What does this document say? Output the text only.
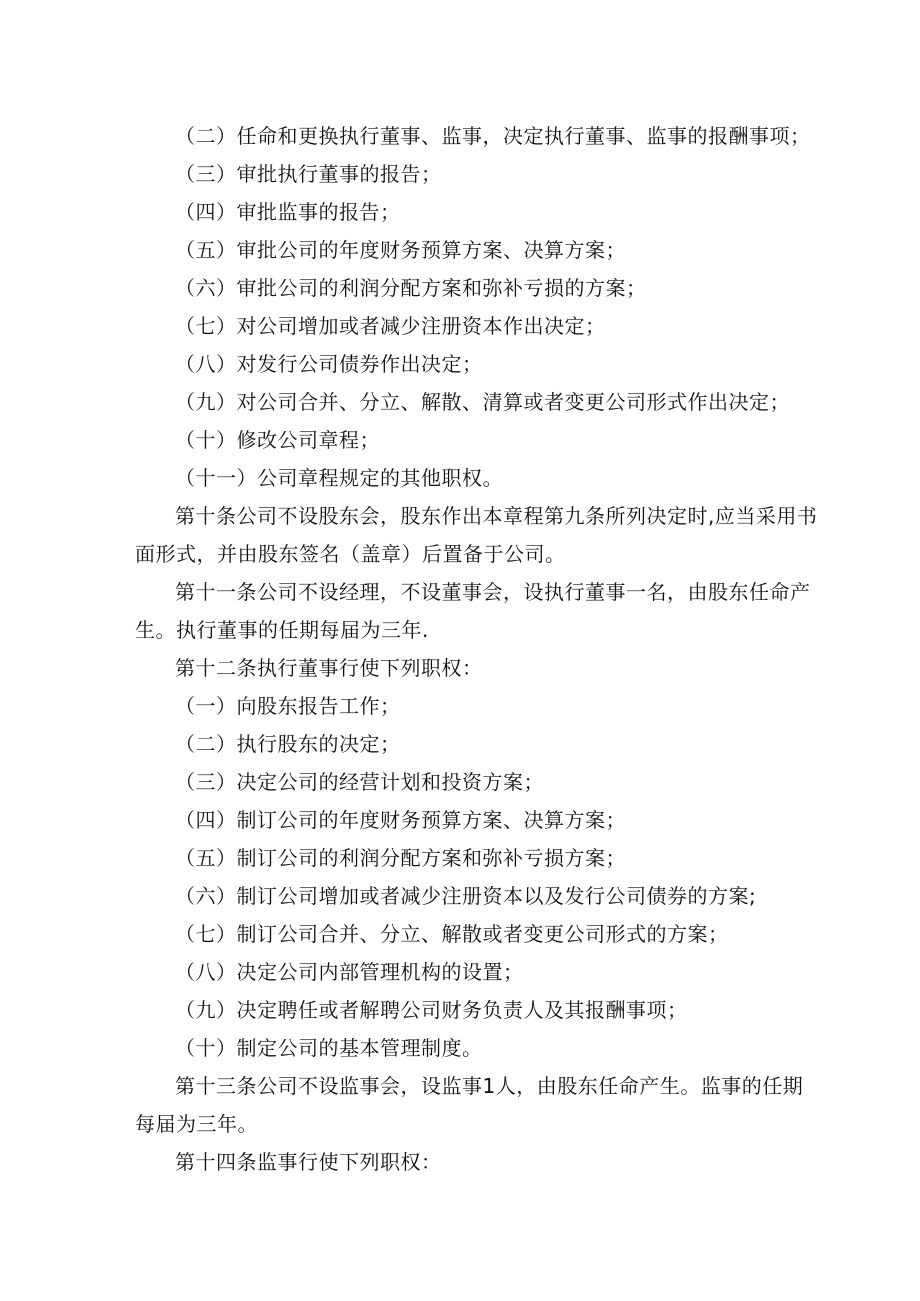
（二）任命和更换执行董事、监事，决定执行董事、监事的报酬事项；
（三）审批执行董事的报告；
（四）审批监事的报告；
（五）审批公司的年度财务预算方案、决算方案；
（六）审批公司的利润分配方案和弥补亏损的方案；
（七）对公司增加或者减少注册资本作出决定；
（八）对发行公司债券作出决定；
（九）对公司合并、分立、解散、清算或者变更公司形式作出决定；
（十）修改公司章程；
（十一）公司章程规定的其他职权。
第十条公司不设股东会，股东作出本章程第九条所列决定时,应当采用书
面形式，并由股东签名（盖章）后置备于公司。
第十一条公司不设经理，不设董事会，设执行董事一名，由股东任命产
生。执行董事的任期每届为三年.
第十二条执行董事行使下列职权：
（一）向股东报告工作；
（二）执行股东的决定；
（三）决定公司的经营计划和投资方案；
（四）制订公司的年度财务预算方案、决算方案；
（五）制订公司的利润分配方案和弥补亏损方案；
（六）制订公司增加或者减少注册资本以及发行公司债券的方案;
（七）制订公司合并、分立、解散或者变更公司形式的方案；
（八）决定公司内部管理机构的设置；
（九）决定聘任或者解聘公司财务负责人及其报酬事项；
（十）制定公司的基本管理制度。
第十三条公司不设监事会，设监事1人，由股东任命产生。监事的任期
每届为三年。
第十四条监事行使下列职权：
